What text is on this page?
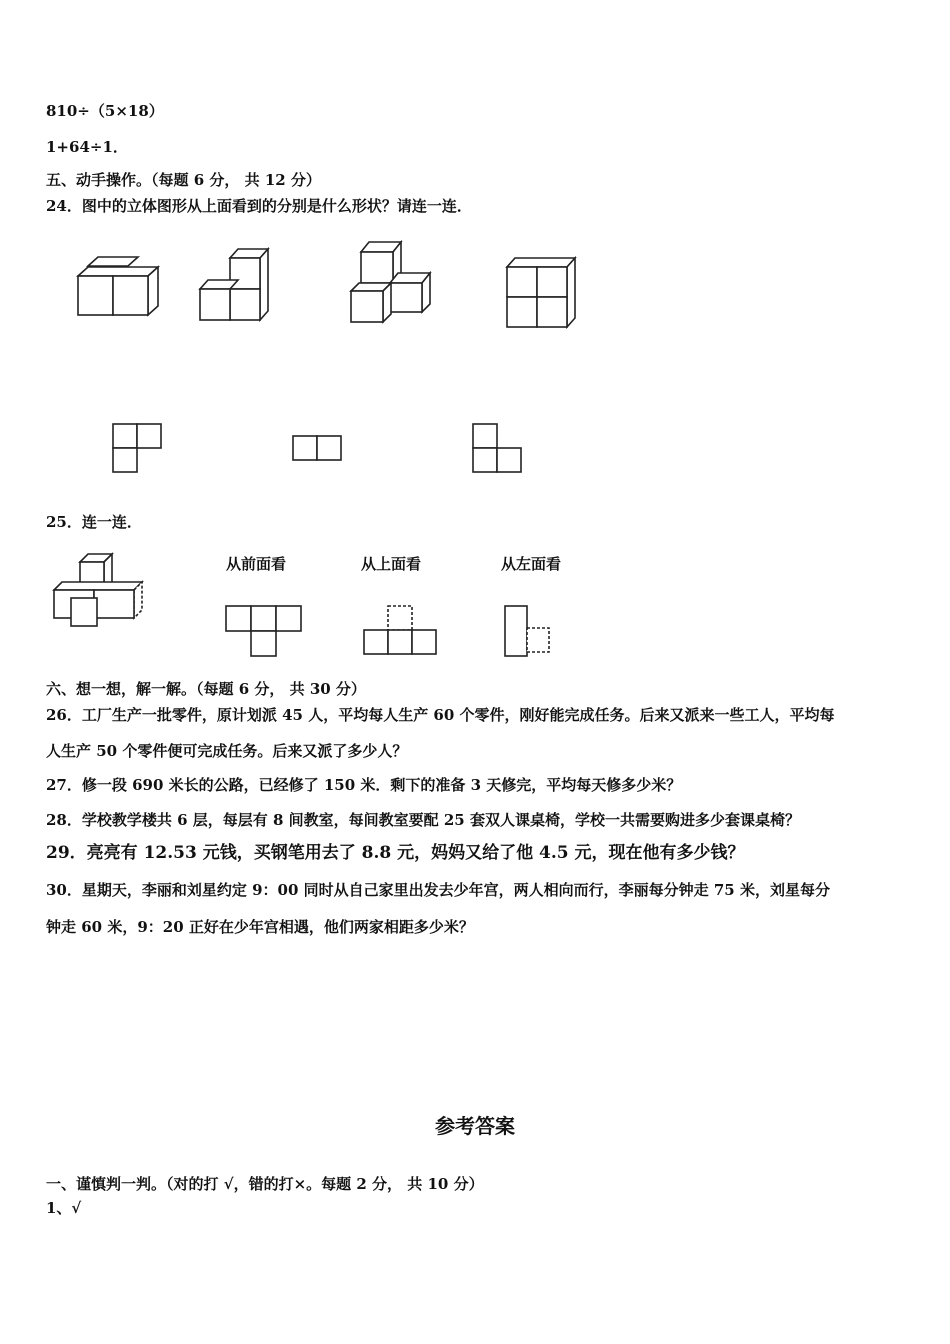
810÷（5×18）
1+64÷1．
五、动手操作。（每题 6 分， 共 12 分）
24．图中的立体图形从上面看到的分别是什么形状？请连一连．
25．连一连．
从前面看	从上面看	从左面看
六、想一想，解一解。（每题 6 分， 共 30 分）
26．工厂生产一批零件，原计划派 45 人，平均每人生产 60 个零件，刚好能完成任务。后来又派来一些工人，平均每
人生产 50 个零件便可完成任务。后来又派了多少人？
27．修一段 690 米长的公路，已经修了 150 米．剩下的准备 3 天修完，平均每天修多少米？
28．学校教学楼共 6 层，每层有 8 间教室，每间教室要配 25 套双人课桌椅，学校一共需要购进多少套课桌椅？
29．亮亮有 12.53 元钱，买钢笔用去了 8.8 元，妈妈又给了他 4.5 元，现在他有多少钱？
30．星期天，李丽和刘星约定 9：00 同时从自己家里出发去少年宫，两人相向而行，李丽每分钟走 75 米，刘星每分
钟走 60 米，9：20 正好在少年宫相遇，他们两家相距多少米？
参考答案
一、谨慎判一判。（对的打 √，错的打×。每题 2 分， 共 10 分）
1、√
